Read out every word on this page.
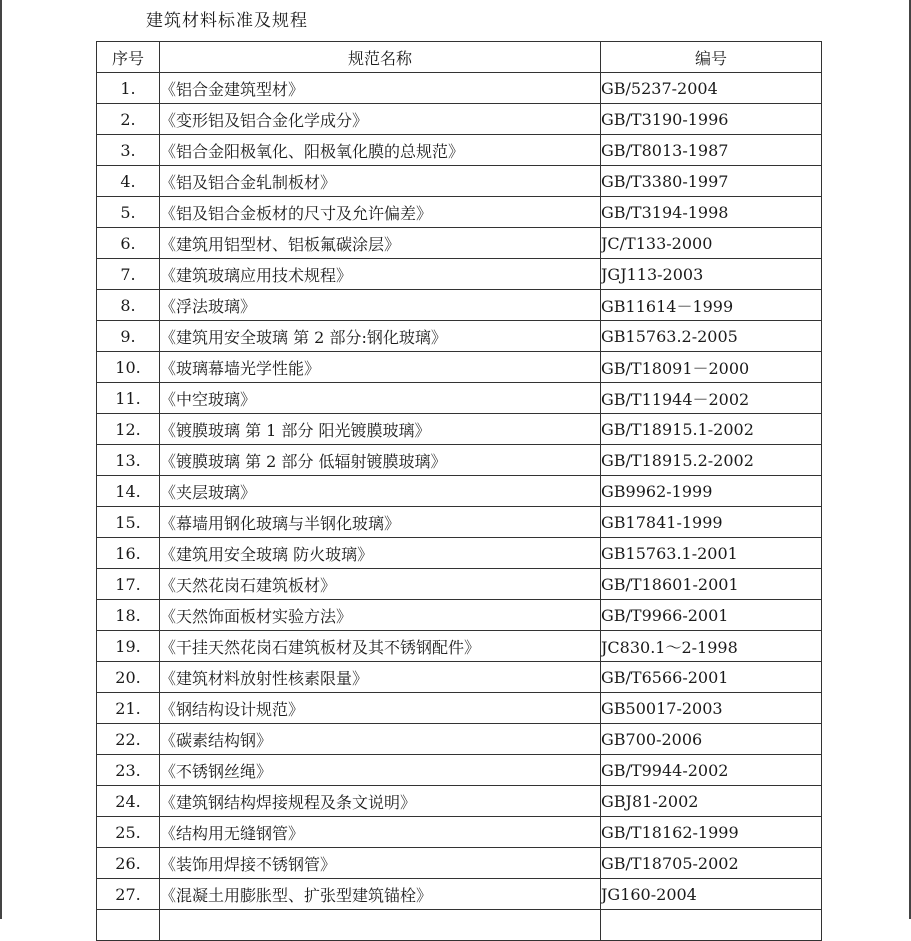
建筑材料标准及规程
序号	规范名称	编号
1.	《铝合金建筑型材》	GB/5237-2004
2.	《变形铝及铝合金化学成分》	GB/T3190-1996
3.	《铝合金阳极氧化、阳极氧化膜的总规范》	GB/T8013-1987
4.	《铝及铝合金轧制板材》	GB/T3380-1997
5.	《铝及铝合金板材的尺寸及允许偏差》	GB/T3194-1998
6.	《建筑用铝型材、铝板氟碳涂层》	JC/T133-2000
7.	《建筑玻璃应用技术规程》	JGJ113-2003
8.	《浮法玻璃》	GB11614－1999
9.	《建筑用安全玻璃 第 2 部分:钢化玻璃》	GB15763.2-2005
10.	《玻璃幕墙光学性能》	GB/T18091－2000
11.	《中空玻璃》	GB/T11944－2002
12.	《镀膜玻璃 第 1 部分 阳光镀膜玻璃》	GB/T18915.1-2002
13.	《镀膜玻璃 第 2 部分 低辐射镀膜玻璃》	GB/T18915.2-2002
14.	《夹层玻璃》	GB9962-1999
15.	《幕墙用钢化玻璃与半钢化玻璃》	GB17841-1999
16.	《建筑用安全玻璃 防火玻璃》	GB15763.1-2001
17.	《天然花岗石建筑板材》	GB/T18601-2001
18.	《天然饰面板材实验方法》	GB/T9966-2001
19.	《干挂天然花岗石建筑板材及其不锈钢配件》	JC830.1～2-1998
20.	《建筑材料放射性核素限量》	GB/T6566-2001
21.	《钢结构设计规范》	GB50017-2003
22.	《碳素结构钢》	GB700-2006
23.	《不锈钢丝绳》	GB/T9944-2002
24.	《建筑钢结构焊接规程及条文说明》	GBJ81-2002
25.	《结构用无缝钢管》	GB/T18162-1999
26.	《装饰用焊接不锈钢管》	GB/T18705-2002
27.	《混凝土用膨胀型、扩张型建筑锚栓》	JG160-2004
